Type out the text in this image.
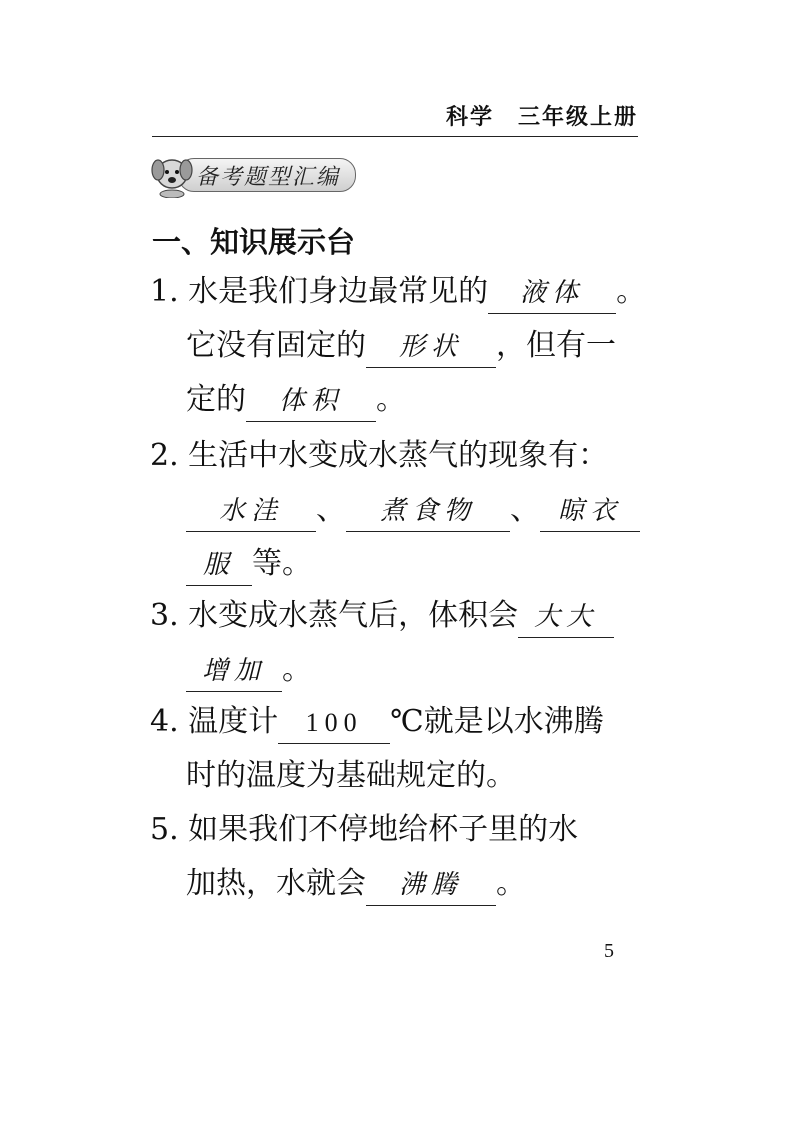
科学　三年级上册
备考题型汇编
一、知识展示台
1. 水是我们身边最常见的 液体 。
它没有固定的 形状 ，但有一
定的 体积 。
2. 生活中水变成水蒸气的现象有：
水洼 、 煮食物 、 晾衣
服 等。
3. 水变成水蒸气后，体积会 大大
增加 。
4. 温度计 100 ℃就是以水沸腾
时的温度为基础规定的。
5. 如果我们不停地给杯子里的水
加热，水就会 沸腾 。
5
